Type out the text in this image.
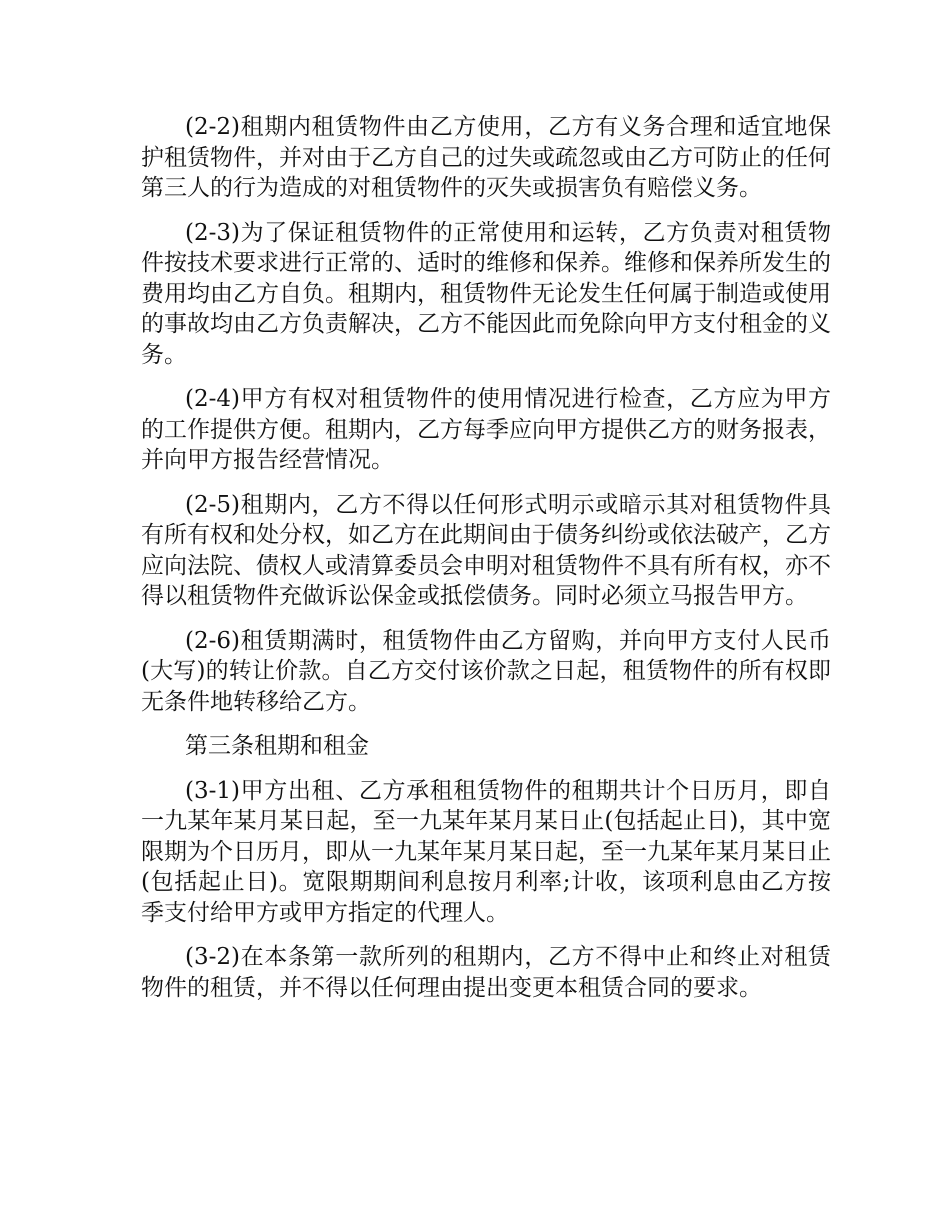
(2-2)租期内租赁物件由乙方使用，乙方有义务合理和适宜地保护租赁物件，并对由于乙方自己的过失或疏忽或由乙方可防止的任何第三人的行为造成的对租赁物件的灭失或损害负有赔偿义务。

(2-3)为了保证租赁物件的正常使用和运转，乙方负责对租赁物件按技术要求进行正常的、适时的维修和保养。维修和保养所发生的费用均由乙方自负。租期内，租赁物件无论发生任何属于制造或使用的事故均由乙方负责解决，乙方不能因此而免除向甲方支付租金的义务。

(2-4)甲方有权对租赁物件的使用情况进行检查，乙方应为甲方的工作提供方便。租期内，乙方每季应向甲方提供乙方的财务报表，并向甲方报告经营情况。

(2-5)租期内，乙方不得以任何形式明示或暗示其对租赁物件具有所有权和处分权，如乙方在此期间由于债务纠纷或依法破产，乙方应向法院、债权人或清算委员会申明对租赁物件不具有所有权，亦不得以租赁物件充做诉讼保金或抵偿债务。同时必须立马报告甲方。

(2-6)租赁期满时，租赁物件由乙方留购，并向甲方支付人民币(大写)的转让价款。自乙方交付该价款之日起，租赁物件的所有权即无条件地转移给乙方。

第三条租期和租金

(3-1)甲方出租、乙方承租租赁物件的租期共计个日历月，即自一九某年某月某日起，至一九某年某月某日止(包括起止日)，其中宽限期为个日历月，即从一九某年某月某日起，至一九某年某月某日止(包括起止日)。宽限期期间利息按月利率;计收，该项利息由乙方按季支付给甲方或甲方指定的代理人。

(3-2)在本条第一款所列的租期内，乙方不得中止和终止对租赁物件的租赁，并不得以任何理由提出变更本租赁合同的要求。
